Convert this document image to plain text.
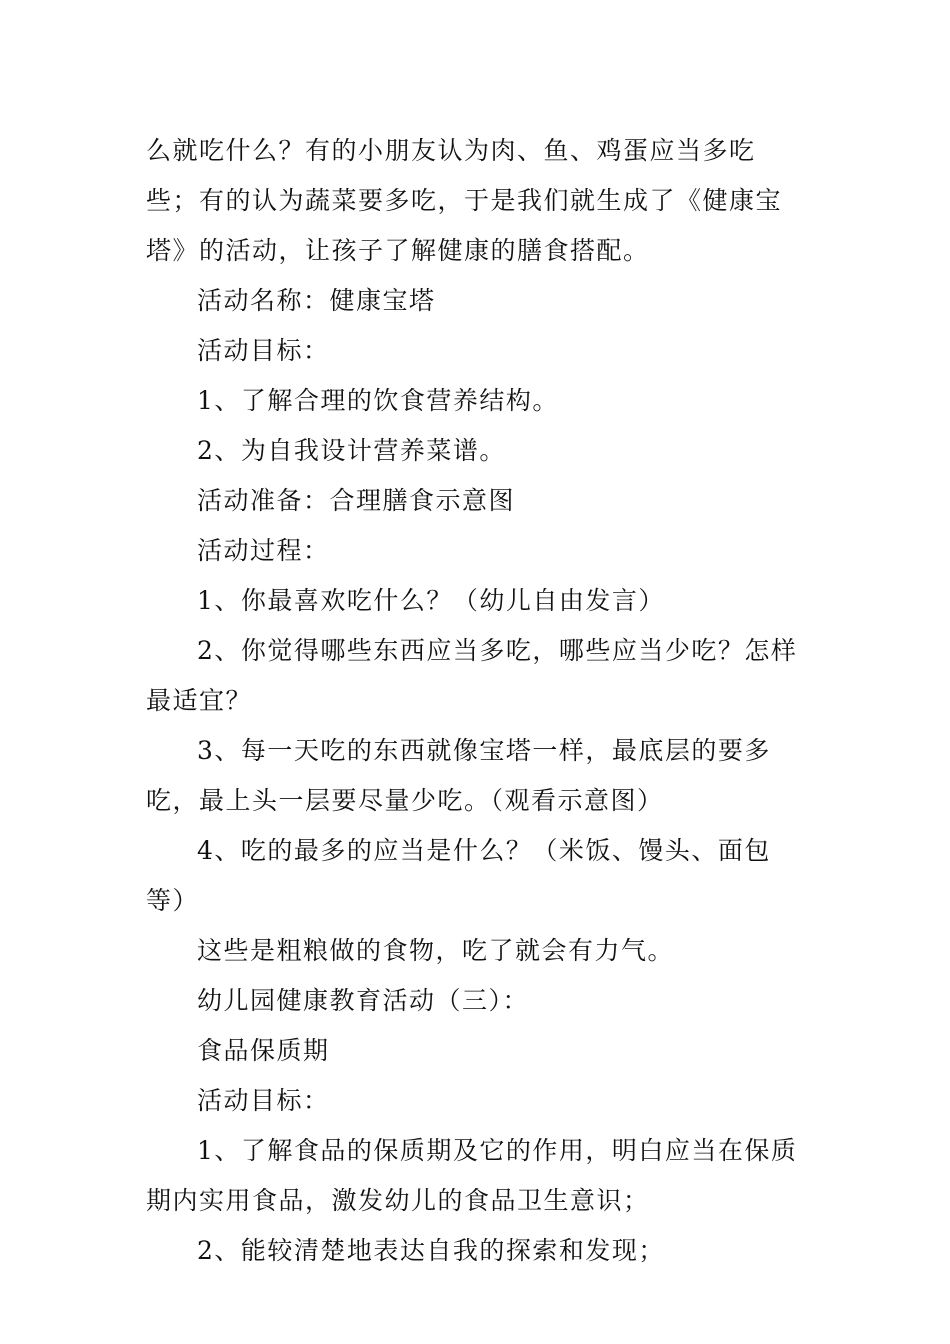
么就吃什么？有的小朋友认为肉、鱼、鸡蛋应当多吃些；有的认为蔬菜要多吃，于是我们就生成了《健康宝塔》的活动，让孩子了解健康的膳食搭配。

活动名称：健康宝塔

活动目标：

1、了解合理的饮食营养结构。

2、为自我设计营养菜谱。

活动准备：合理膳食示意图

活动过程：

1、你最喜欢吃什么？（幼儿自由发言）

2、你觉得哪些东西应当多吃，哪些应当少吃？怎样最适宜？

3、每一天吃的东西就像宝塔一样，最底层的要多吃，最上头一层要尽量少吃。（观看示意图）

4、吃的最多的应当是什么？（米饭、馒头、面包等）

这些是粗粮做的食物，吃了就会有力气。

幼儿园健康教育活动（三）：

食品保质期

活动目标：

1、了解食品的保质期及它的作用，明白应当在保质期内实用食品，激发幼儿的食品卫生意识；

2、能较清楚地表达自我的探索和发现；
